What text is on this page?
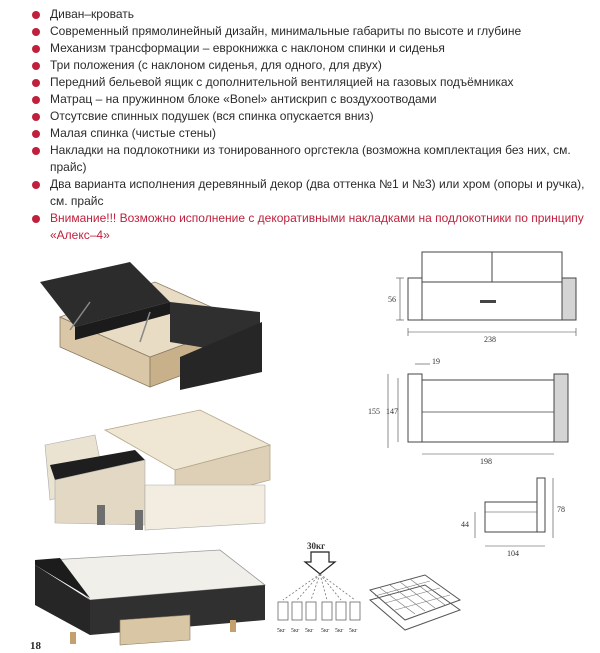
Диван–кровать
Современный прямолинейный дизайн, минимальные габариты по высоте и глубине
Механизм трансформации – еврокнижка с наклоном спинки и сиденья
Три положения (с наклоном сиденья, для одного, для двух)
Передний бельевой ящик с дополнительной вентиляцией на газовых подъёмниках
Матрац – на пружинном блоке «Bonel» антискрип с воздухоотводами
Отсутсвие спинных подушек (вся спинка опускается вниз)
Малая спинка (чистые стены)
Накладки на подлокотники из тонированного оргстекла (возможна комплектация без них, см. прайс)
Два варианта исполнения деревянный декор (два оттенка №1 и №3) или хром (опоры и ручка), см. прайс
Внимание!!! Возможно исполнение с декоративными накладками на подлокотники по принципу «Алекс–4»
56
238
19
155 147
198
78
44
104
30кг
5кг 5кг 5кг 5кг 5кг 5кг
18
